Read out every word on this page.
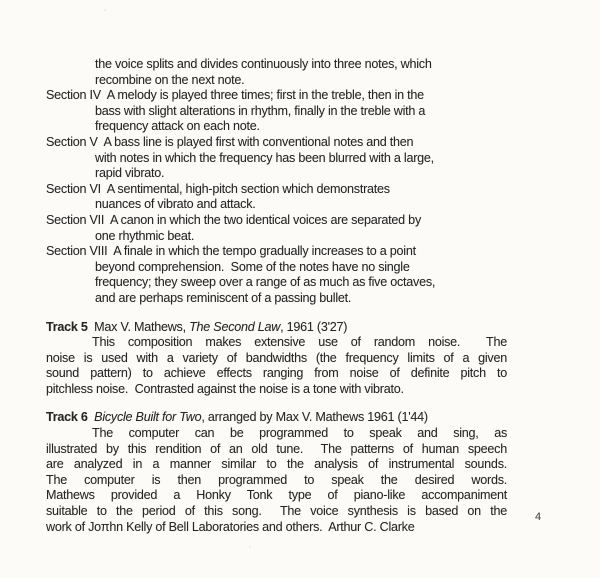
the voice splits and divides continuously into three notes, which
recombine on the next note.
Section IV  A melody is played three times; first in the treble, then in the
bass with slight alterations in rhythm, finally in the treble with a
frequency attack on each note.
Section V  A bass line is played first with conventional notes and then
with notes in which the frequency has been blurred with a large,
rapid vibrato.
Section VI  A sentimental, high-pitch section which demonstrates
nuances of vibrato and attack.
Section VII  A canon in which the two identical voices are separated by
one rhythmic beat.
Section VIII  A finale in which the tempo gradually increases to a point
beyond comprehension.  Some of the notes have no single
frequency; they sweep over a range of as much as five octaves,
and are perhaps reminiscent of a passing bullet.
Track 5  Max V. Mathews, The Second Law, 1961 (3'27)
This composition makes extensive use of random noise.  The
noise is used with a variety of bandwidths (the frequency limits of a given
sound pattern) to achieve effects ranging from noise of definite pitch to
pitchless noise.  Contrasted against the noise is a tone with vibrato.
Track 6 Bicycle Built for Two, arranged by Max V. Mathews 1961 (1'44)
The computer can be programmed to speak and sing, as
illustrated by this rendition of an old tune.  The patterns of human speech
are analyzed in a manner similar to the analysis of instrumental sounds.
The computer is then programmed to speak the desired words.
Mathews provided a Honky Tonk type of piano-like accompaniment
suitable to the period of this song.  The voice synthesis is based on the
work of Joπhn Kelly of Bell Laboratories and others.  Arthur C. Clarke
4
